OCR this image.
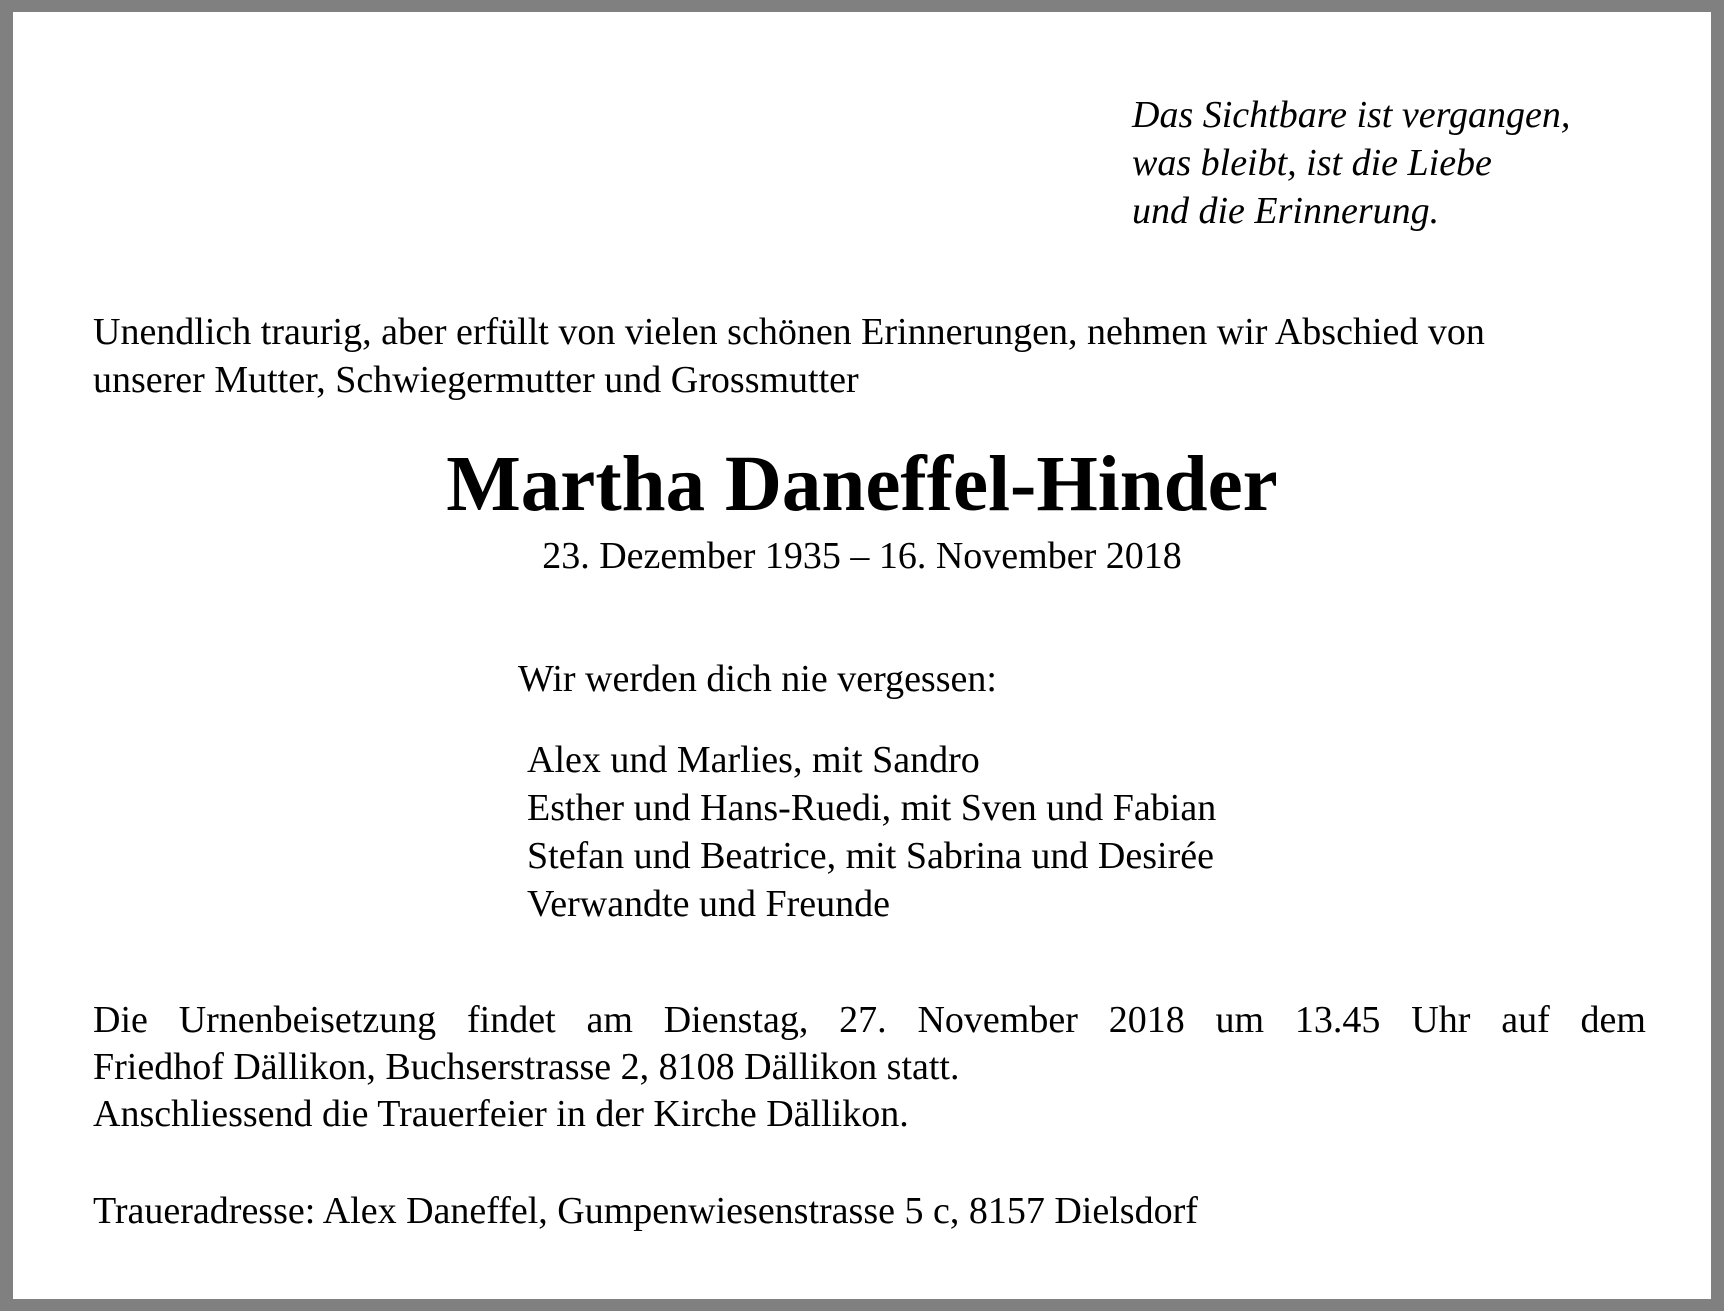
Das Sichtbare ist vergangen,
was bleibt, ist die Liebe
und die Erinnerung.
Unendlich traurig, aber erfüllt von vielen schönen Erinnerungen, nehmen wir Abschied von
unserer Mutter, Schwiegermutter und Grossmutter
Martha Daneffel-Hinder
23. Dezember 1935 – 16. November 2018
Wir werden dich nie vergessen:
Alex und Marlies, mit Sandro
Esther und Hans-Ruedi, mit Sven und Fabian
Stefan und Beatrice, mit Sabrina und Desirée
Verwandte und Freunde
Die Urnenbeisetzung findet am Dienstag, 27. November 2018 um 13.45 Uhr auf dem
Friedhof Dällikon, Buchserstrasse 2, 8108 Dällikon statt.
Anschliessend die Trauerfeier in der Kirche Dällikon.
Traueradresse: Alex Daneffel, Gumpenwiesenstrasse 5 c, 8157 Dielsdorf
